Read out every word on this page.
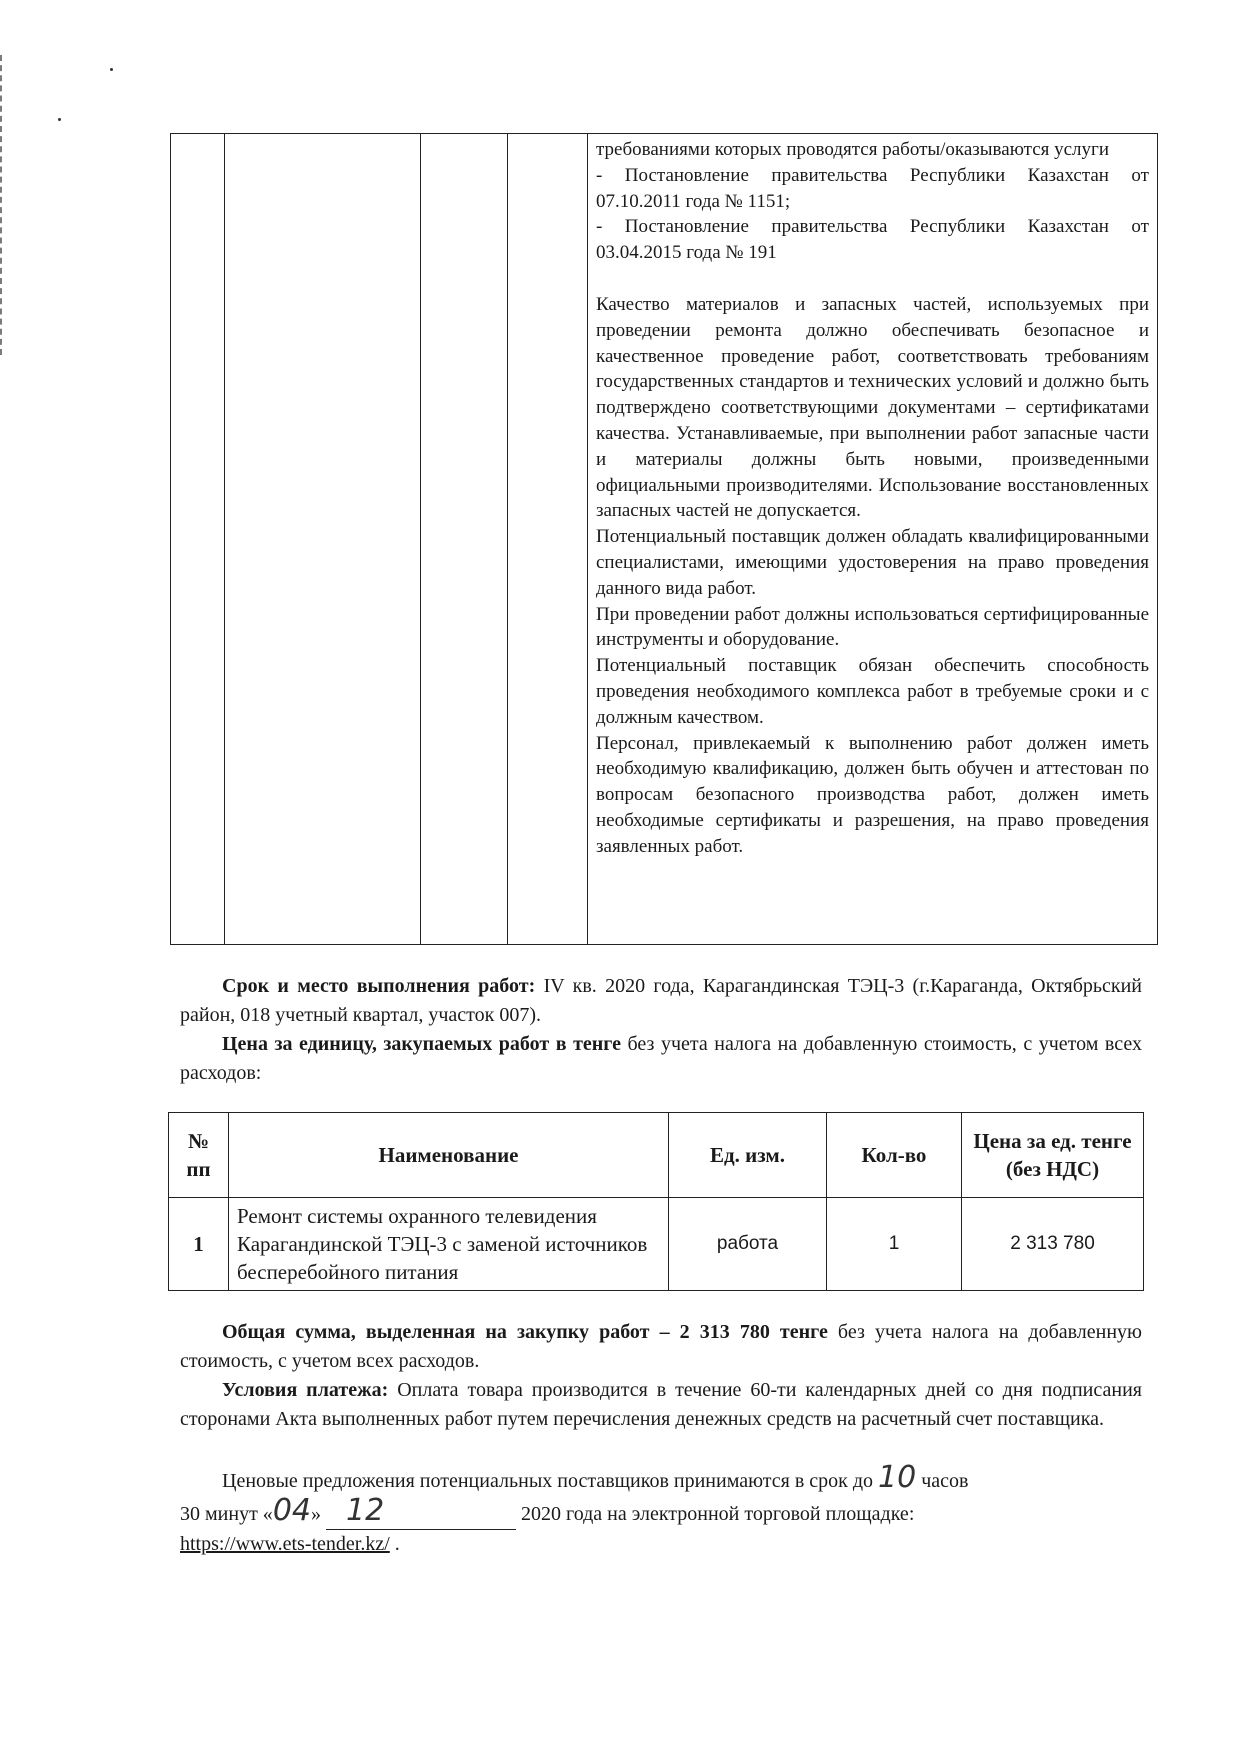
требованиями которых проводятся работы/оказываются услуги

- Постановление правительства Республики Казахстан от 07.10.2011 года № 1151;

- Постановление правительства Республики Казахстан от 03.04.2015 года № 191

Качество материалов и запасных частей, используемых при проведении ремонта должно обеспечивать безопасное и качественное проведение работ, соответствовать требованиям государственных стандартов и технических условий и должно быть подтверждено соответствующими документами – сертификатами качества. Устанавливаемые, при выполнении работ запасные части и материалы должны быть новыми, произведенными официальными производителями. Использование восстановленных запасных частей не допускается.

Потенциальный поставщик должен обладать квалифицированными специалистами, имеющими удостоверения на право проведения данного вида работ.

При проведении работ должны использоваться сертифицированные инструменты и оборудование.

Потенциальный поставщик обязан обеспечить способность проведения необходимого комплекса работ в требуемые сроки и с должным качеством.

Персонал, привлекаемый к выполнению работ должен иметь необходимую квалификацию, должен быть обучен и аттестован по вопросам безопасного производства работ, должен иметь необходимые сертификаты и разрешения, на право проведения заявленных работ.

Срок и место выполнения работ: IV кв. 2020 года, Карагандинская ТЭЦ-3 (г.Караганда, Октябрьский район, 018 учетный квартал, участок 007).

Цена за единицу, закупаемых работ в тенге без учета налога на добавленную стоимость, с учетом всех расходов:

№ пп	Наименование	Ед. изм.	Кол-во	Цена за ед. тенге (без НДС)
1	Ремонт системы охранного телевидения Карагандинской ТЭЦ-3 с заменой источников бесперебойного питания	работа	1	2 313 780

Общая сумма, выделенная на закупку работ – 2 313 780 тенге без учета налога на добавленную стоимость, с учетом всех расходов.

Условия платежа: Оплата товара производится в течение 60-ти календарных дней со дня подписания сторонами Акта выполненных работ путем перечисления денежных средств на расчетный счет поставщика.

Ценовые предложения потенциальных поставщиков принимаются в срок до 10 часов
30 минут «04» 12	2020 года на электронной торговой площадке:
https://www.ets-tender.kz/ .
